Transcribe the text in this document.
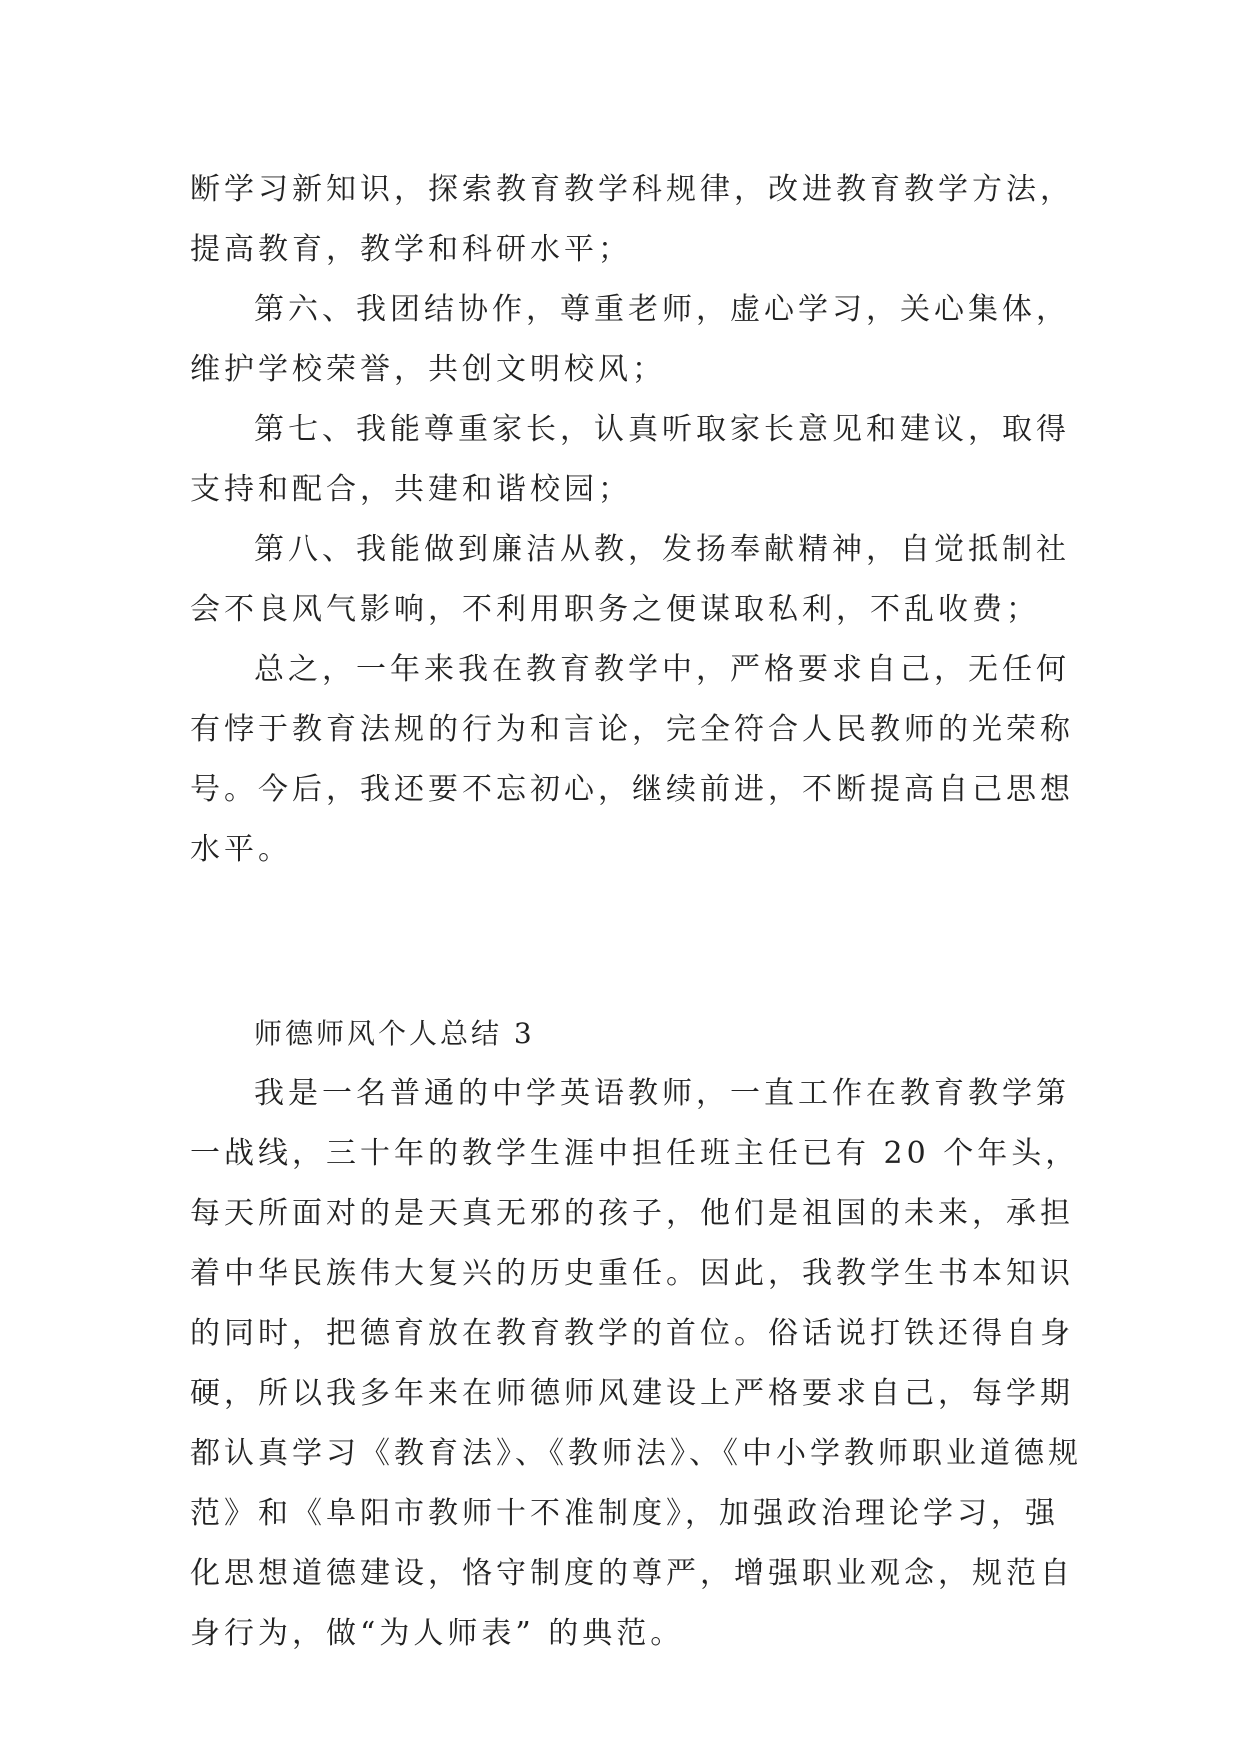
断学习新知识，探索教育教学科规律，改进教育教学方法，
提高教育，教学和科研水平；
第六、我团结协作，尊重老师，虚心学习，关心集体，
维护学校荣誉，共创文明校风；
第七、我能尊重家长，认真听取家长意见和建议，取得
支持和配合，共建和谐校园；
第八、我能做到廉洁从教，发扬奉献精神，自觉抵制社
会不良风气影响，不利用职务之便谋取私利，不乱收费；
总之，一年来我在教育教学中，严格要求自己，无任何
有悖于教育法规的行为和言论，完全符合人民教师的光荣称
号。今后，我还要不忘初心，继续前进，不断提高自己思想
水平。
师德师风个人总结 3
我是一名普通的中学英语教师，一直工作在教育教学第
一战线，三十年的教学生涯中担任班主任已有 20 个年头，
每天所面对的是天真无邪的孩子，他们是祖国的未来，承担
着中华民族伟大复兴的历史重任。因此，我教学生书本知识
的同时，把德育放在教育教学的首位。俗话说打铁还得自身
硬，所以我多年来在师德师风建设上严格要求自己，每学期
都认真学习《教育法》、《教师法》、《中小学教师职业道德规
范》和《阜阳市教师十不准制度》，加强政治理论学习，强
化思想道德建设，恪守制度的尊严，增强职业观念，规范自
身行为，做“为人师表” 的典范。
